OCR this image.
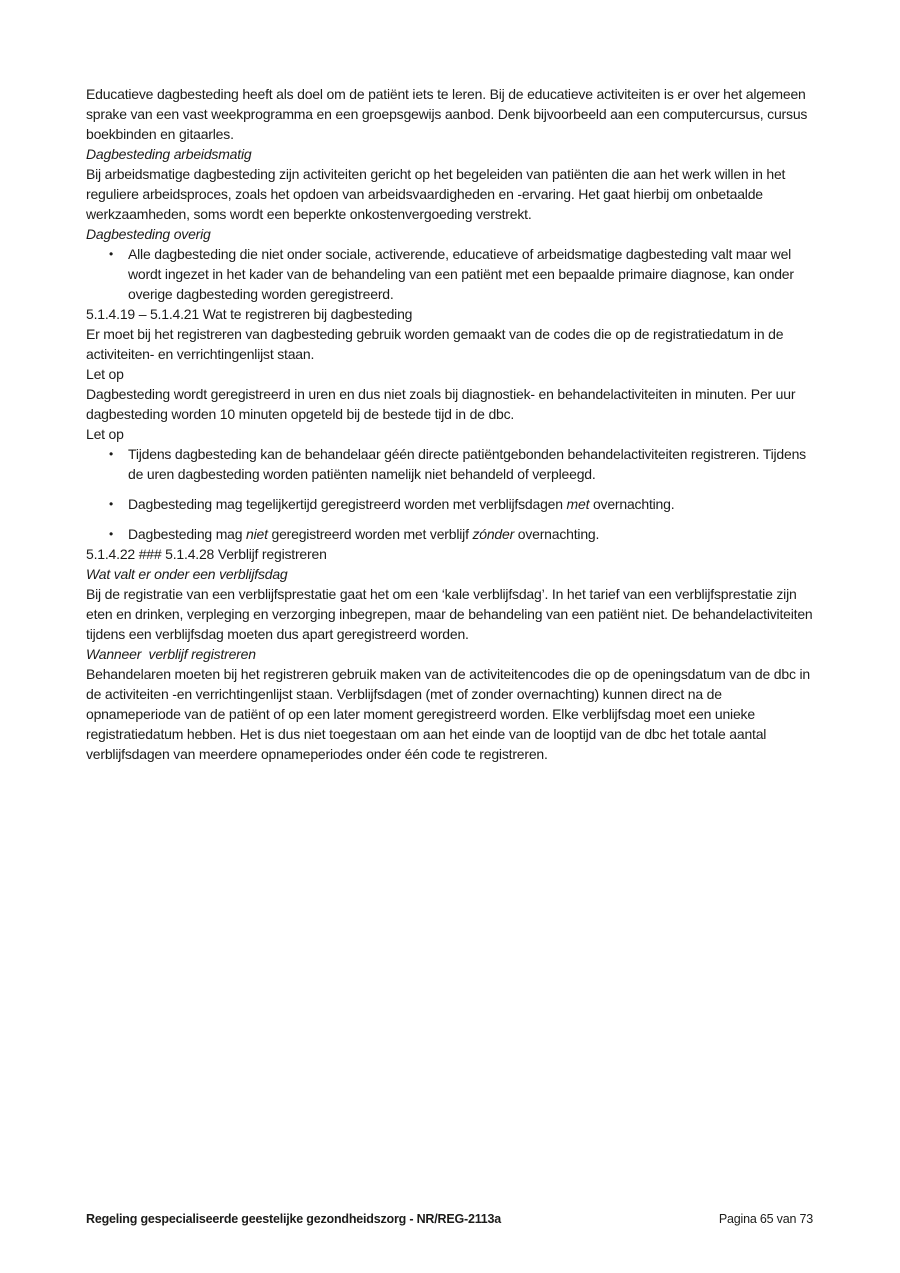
Educatieve dagbesteding heeft als doel om de patiënt iets te leren. Bij de educatieve activiteiten is er over het algemeen sprake van een vast weekprogramma en een groepsgewijs aanbod. Denk bijvoorbeeld aan een computercursus, cursus boekbinden en gitaarles.

Dagbesteding arbeidsmatig

Bij arbeidsmatige dagbesteding zijn activiteiten gericht op het begeleiden van patiënten die aan het werk willen in het reguliere arbeidsproces, zoals het opdoen van arbeidsvaardigheden en -ervaring. Het gaat hierbij om onbetaalde werkzaamheden, soms wordt een beperkte onkostenvergoeding verstrekt.

Dagbesteding overig
• Alle dagbesteding die niet onder sociale, activerende, educatieve of arbeidsmatige dagbesteding valt maar wel wordt ingezet in het kader van de behandeling van een patiënt met een bepaalde primaire diagnose, kan onder overige dagbesteding worden geregistreerd.
5.1.4.19 – 5.1.4.21 Wat te registreren bij dagbesteding

Er moet bij het registreren van dagbesteding gebruik worden gemaakt van de codes die op de registratiedatum in de activiteiten- en verrichtingenlijst staan.

Let op

Dagbesteding wordt geregistreerd in uren en dus niet zoals bij diagnostiek- en behandelactiviteiten in minuten. Per uur dagbesteding worden 10 minuten opgeteld bij de bestede tijd in de dbc.

Let op

• Tijdens dagbesteding kan de behandelaar géén directe patiëntgebonden behandelactiviteiten registreren. Tijdens de uren dagbesteding worden patiënten namelijk niet behandeld of verpleegd.
• Dagbesteding mag tegelijkertijd geregistreerd worden met verblijfsdagen met overnachting.
• Dagbesteding mag niet geregistreerd worden met verblijf zónder overnachting.
5.1.4.22 ### 5.1.4.28 Verblijf registreren
Wat valt er onder een verblijfsdag

Bij de registratie van een verblijfsprestatie gaat het om een ‘kale verblijfsdag’. In het tarief van een verblijfsprestatie zijn eten en drinken, verpleging en verzorging inbegrepen, maar de behandeling van een patiënt niet. De behandelactiviteiten tijdens een verblijfsdag moeten dus apart geregistreerd worden.

Wanneer  verblijf registreren

Behandelaren moeten bij het registreren gebruik maken van de activiteitencodes die op de openingsdatum van de dbc in de activiteiten -en verrichtingenlijst staan. Verblijfsdagen (met of zonder overnachting) kunnen direct na de opnameperiode van de patiënt of op een later moment geregistreerd worden. Elke verblijfsdag moet een unieke registratiedatum hebben. Het is dus niet toegestaan om aan het einde van de looptijd van de dbc het totale aantal verblijfsdagen van meerdere opnameperiodes onder één code te registreren.

Regeling gespecialiseerde geestelijke gezondheidszorg - NR/REG-2113a	Pagina 65 van 73
